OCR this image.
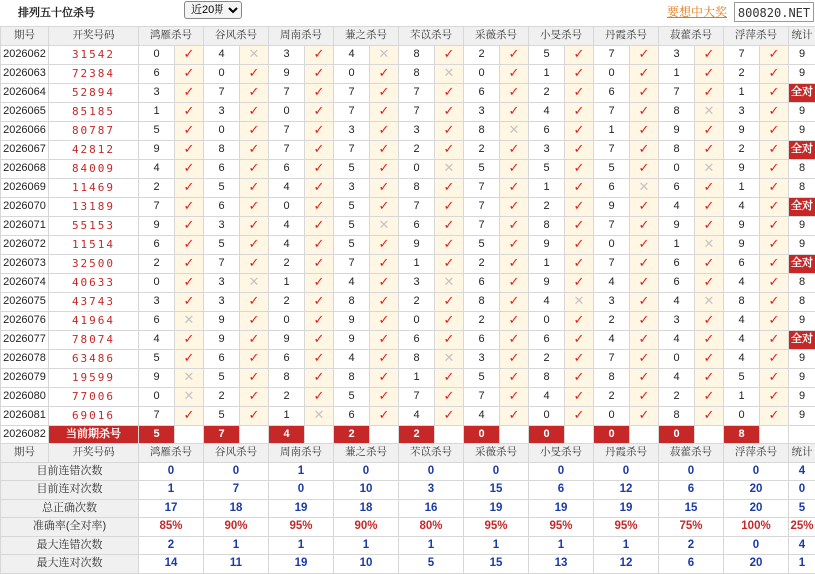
排列五十位杀号
近20期	要想中大奖 800820.NET
期号	开奖号码	鸿雁杀号		谷风杀号		周南杀号		蒹之杀号		芣苡杀号		采薇杀号		小旻杀号		丹霞杀号		菽藿杀号		浮萍杀号		统计
2026062	31542	0	✓	4	✕	3	✓	4	✕	8	✓	2	✓	5	✓	7	✓	3	✓	7	✓	9
2026063	72384	6	✓	0	✓	9	✓	0	✓	8	✕	0	✓	1	✓	0	✓	1	✓	2	✓	9
2026064	52894	3	✓	7	✓	7	✓	7	✓	7	✓	6	✓	2	✓	6	✓	7	✓	1	✓	全对
2026065	85185	1	✓	3	✓	0	✓	7	✓	7	✓	3	✓	4	✓	7	✓	8	✕	3	✓	9
2026066	80787	5	✓	0	✓	7	✓	3	✓	3	✓	8	✕	6	✓	1	✓	9	✓	9	✓	9
2026067	42812	9	✓	8	✓	7	✓	7	✓	2	✓	2	✓	3	✓	7	✓	8	✓	2	✓	全对
2026068	84009	4	✓	6	✓	6	✓	5	✓	0	✕	5	✓	5	✓	5	✓	0	✕	9	✓	8
2026069	11469	2	✓	5	✓	4	✓	3	✓	8	✓	7	✓	1	✓	6	✕	6	✓	1	✓	8
2026070	13189	7	✓	6	✓	0	✓	5	✓	7	✓	7	✓	2	✓	9	✓	4	✓	4	✓	全对
2026071	55153	9	✓	3	✓	4	✓	5	✕	6	✓	7	✓	8	✓	7	✓	9	✓	9	✓	9
2026072	11514	6	✓	5	✓	4	✓	5	✓	9	✓	5	✓	9	✓	0	✓	1	✕	9	✓	9
2026073	32500	2	✓	7	✓	2	✓	7	✓	1	✓	2	✓	1	✓	7	✓	6	✓	6	✓	全对
2026074	40633	0	✓	3	✕	1	✓	4	✓	3	✕	6	✓	9	✓	4	✓	6	✓	4	✓	8
2026075	43743	3	✓	3	✓	2	✓	8	✓	2	✓	8	✓	4	✕	3	✓	4	✕	8	✓	8
2026076	41964	6	✕	9	✓	0	✓	9	✓	0	✓	2	✓	0	✓	2	✓	3	✓	4	✓	9
2026077	78074	4	✓	9	✓	9	✓	9	✓	6	✓	6	✓	6	✓	4	✓	4	✓	4	✓	全对
2026078	63486	5	✓	6	✓	6	✓	4	✓	8	✕	3	✓	2	✓	7	✓	0	✓	4	✓	9
2026079	19599	9	✕	5	✓	8	✓	8	✓	1	✓	5	✓	8	✓	8	✓	4	✓	5	✓	9
2026080	77006	0	✕	2	✓	2	✓	5	✓	7	✓	7	✓	4	✓	2	✓	2	✓	1	✓	9
2026081	69016	7	✓	5	✓	1	✕	6	✓	4	✓	4	✓	0	✓	0	✓	8	✓	0	✓	9
2026082	当前期杀号	5		7		4		2		2		0		0		0		0		8		
期号	开奖号码	鸿雁杀号		谷风杀号		周南杀号		蒹之杀号		芣苡杀号		采薇杀号		小旻杀号		丹霞杀号		菽藿杀号		浮萍杀号		统计
目前连错次数		0		0		1		0		0		0		0		0		0		0		4
目前连对次数		1		7		0		10		3		15		6		12		6		20		0
总正确次数		17		18		19		18		16		19		19		19		15		20		5
准确率(全对率)		85%		90%		95%		90%		80%		95%		95%		95%		75%		100%		25%
最大连错次数		2		1		1		1		1		1		1		1		2		0		4
最大连对次数		14		11		19		10		5		15		13		12		6		20		1
